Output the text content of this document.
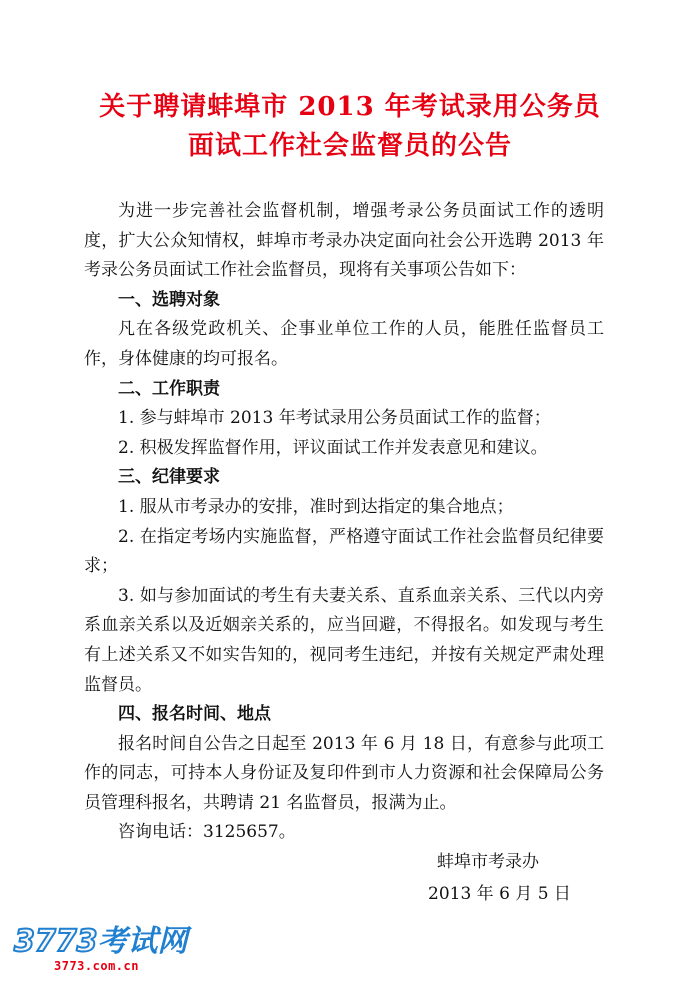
关于聘请蚌埠市 2013 年考试录用公务员
面试工作社会监督员的公告

为进一步完善社会监督机制，增强考录公务员面试工作的透明度，扩大公众知情权，蚌埠市考录办决定面向社会公开选聘 2013 年考录公务员面试工作社会监督员，现将有关事项公告如下：

一、选聘对象

凡在各级党政机关、企事业单位工作的人员，能胜任监督员工作，身体健康的均可报名。

二、工作职责

1. 参与蚌埠市 2013 年考试录用公务员面试工作的监督；

2. 积极发挥监督作用，评议面试工作并发表意见和建议。

三、纪律要求

1. 服从市考录办的安排，准时到达指定的集合地点；

2. 在指定考场内实施监督，严格遵守面试工作社会监督员纪律要求；

3. 如与参加面试的考生有夫妻关系、直系血亲关系、三代以内旁系血亲关系以及近姻亲关系的，应当回避，不得报名。如发现与考生有上述关系又不如实告知的，视同考生违纪，并按有关规定严肃处理监督员。

四、报名时间、地点

报名时间自公告之日起至 2013 年 6 月 18 日，有意参与此项工作的同志，可持本人身份证及复印件到市人力资源和社会保障局公务员管理科报名，共聘请 21 名监督员，报满为止。

咨询电话：3125657。

蚌埠市考录办
2013 年 6 月 5 日
3773考试网
3773.com.cn
